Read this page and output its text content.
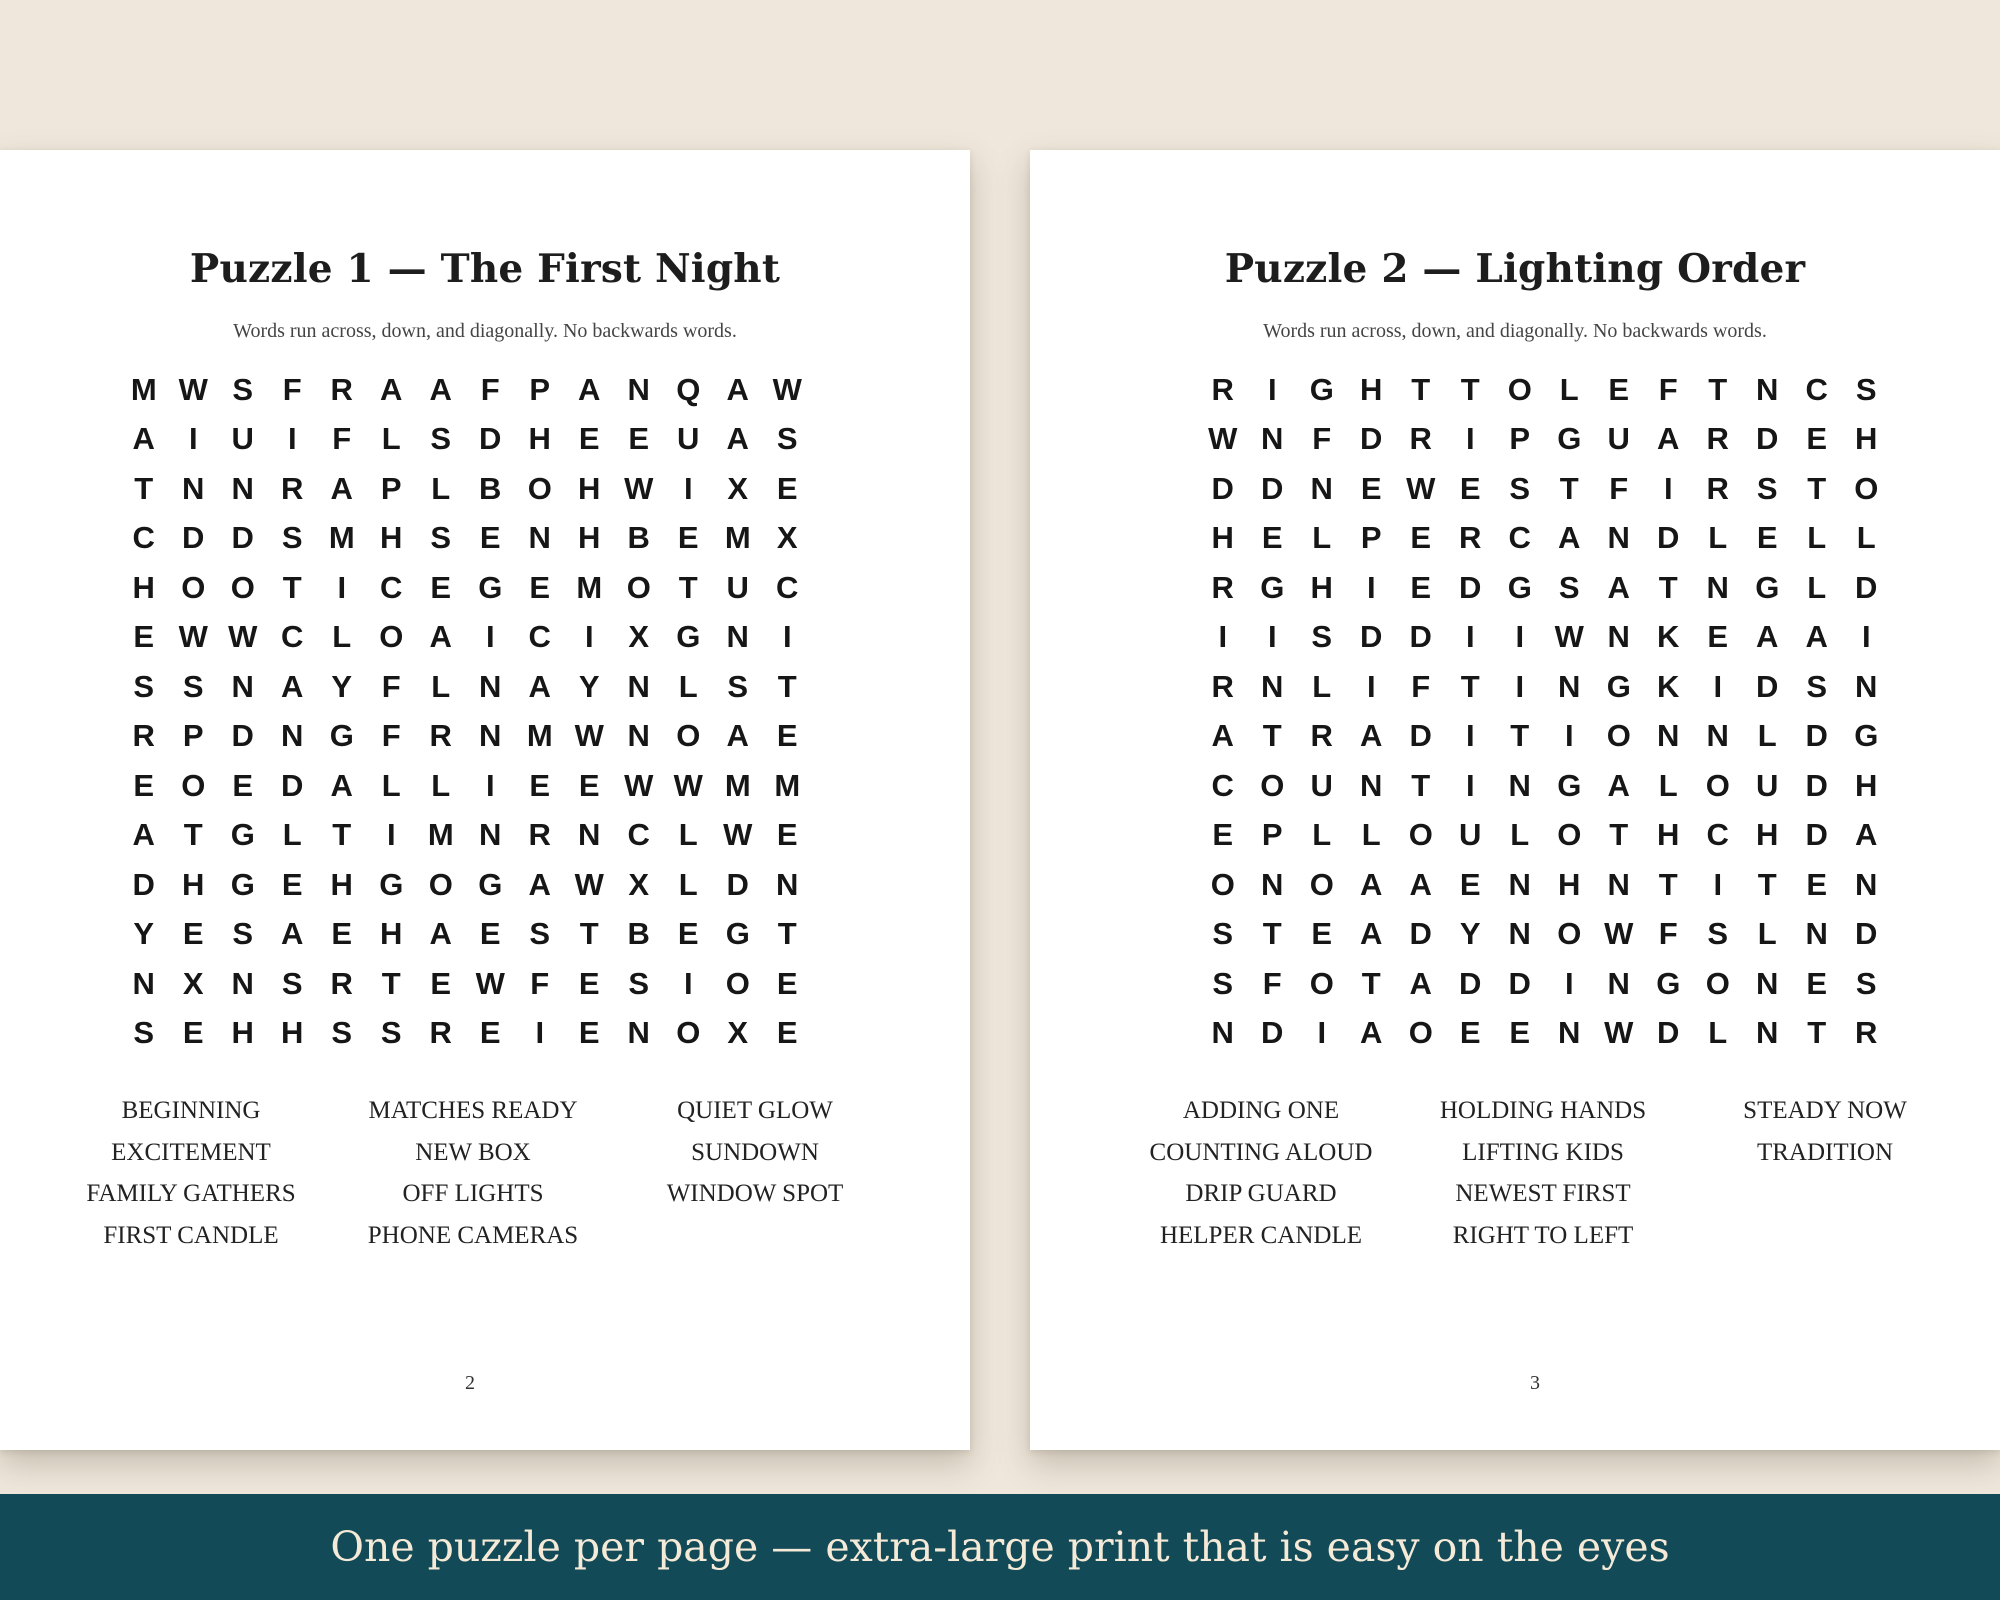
Puzzle 1 — The First Night
Words run across, down, and diagonally. No backwards words.
M W S F R A A F P A N Q A W
A	I	U	I	F L S D H E E U A S
T N N R A P L B O H W I	X E
C D D S M H S E N H B E M X
H O O T	I	C E G E M O T U C
E W W C L O A	I	C	I	X G N	I
S S N A Y F L N A Y N L S T
R P D N G F R N M W N O A E
E O E D A L L	I	E E W W M M
A T G L T	I	M N R N C L W E
D H G E H G O G A W X L D N
Y E S A E H A E S T B E G T
N X N S R T E W F E S	I	O E
S E H H S S R E	I	E N O X E
BEGINNING
EXCITEMENT
FAMILY GATHERS
FIRST CANDLE
MATCHES READY
NEW BOX
OFF LIGHTS
PHONE CAMERAS
QUIET GLOW
SUNDOWN
WINDOW SPOT
2
Puzzle 2 — Lighting Order
Words run across, down, and diagonally. No backwards words.
R	I	G H T T O L E F T N C S
W N F D R	I	P G U A R D E H
D D N E W E S T F	I	R S T O
H E L P E R C A N D L E L L
R G H	I	E D G S A T N G L D
I	I	S D D	I	I W N K E A A	I
R N L	I	F T	I	N G K	I	D S N
A T R A D	I	T	I	O N N L D G
C O U N T	I	N G A L O U D H
E P L L O U L O T H C H D A
O N O A A E N H N T	I	T E N
S T E A D Y N O W F S L N D
S F O T A D D	I	N G O N E S
N D	I	A O E E N W D L N T R
ADDING ONE
COUNTING ALOUD
DRIP GUARD
HELPER CANDLE
HOLDING HANDS
LIFTING KIDS
NEWEST FIRST
RIGHT TO LEFT
STEADY NOW
TRADITION
3
One puzzle per page — extra-large print that is easy on the eyes
